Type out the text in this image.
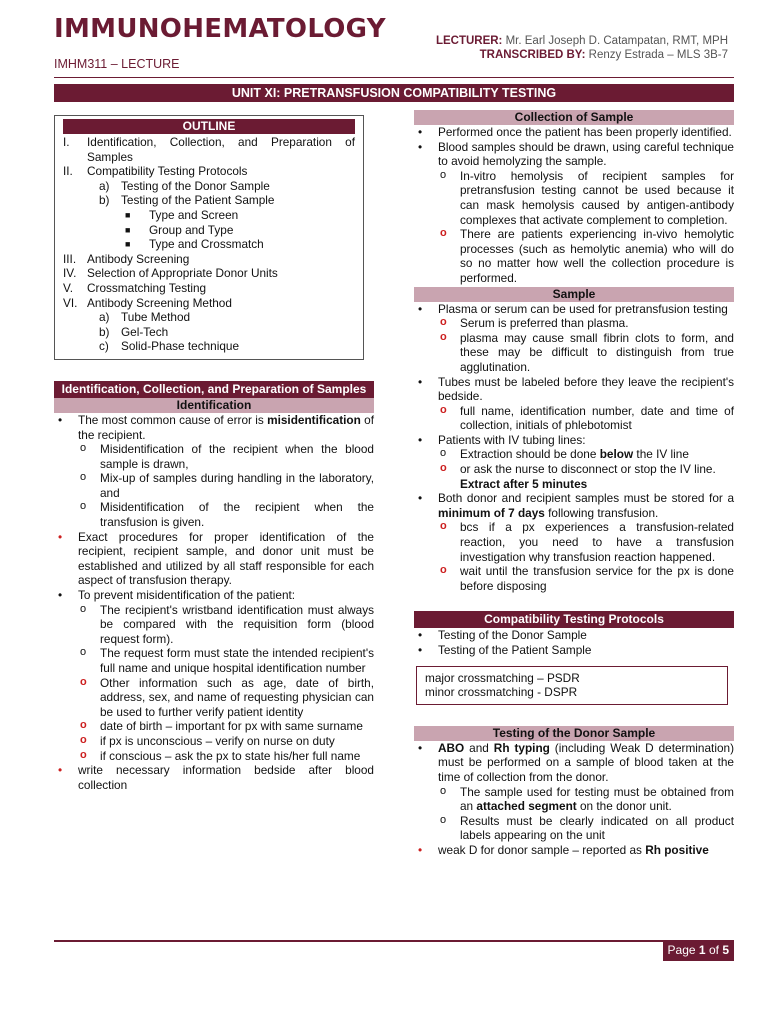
IMMUNOHEMATOLOGY
IMHM311 – LECTURE
LECTURER: Mr. Earl Joseph D. Catampatan, RMT, MPH
TRANSCRIBED BY: Renzy Estrada – MLS 3B-7
UNIT XI: PRETRANSFUSION COMPATIBILITY TESTING
OUTLINE
I.	Identification, Collection, and Preparation of Samples
II.	Compatibility Testing Protocols
a) Testing of the Donor Sample
b) Testing of the Patient Sample
■	Type and Screen
■	Group and Type
■	Type and Crossmatch
III. Antibody Screening
IV. Selection of Appropriate Donor Units
V.	Crossmatching Testing
VI. Antibody Screening Method
a) Tube Method
b) Gel-Tech
c)	Solid-Phase technique
Identification, Collection, and Preparation of Samples
Identification
• The most common cause of error is misidentification of the recipient.
o Misidentification of the recipient when the blood sample is drawn,
o Mix-up of samples during handling in the laboratory, and
o Misidentification of the recipient when the transfusion is given.
• Exact procedures for proper identification of the recipient, recipient sample, and donor unit must be established and utilized by all staff responsible for each aspect of transfusion therapy.
• To prevent misidentification of the patient:
o The recipient's wristband identification must always be compared with the requisition form (blood request form).
o The request form must state the intended recipient's full name and unique hospital identification number
o Other information such as age, date of birth, address, sex, and name of requesting physician can be used to further verify patient identity
o date of birth – important for px with same surname
o if px is unconscious – verify on nurse on duty
o if conscious – ask the px to state his/her full name
• write necessary information bedside after blood collection
Collection of Sample
• Performed once the patient has been properly identified.
• Blood samples should be drawn, using careful technique to avoid hemolyzing the sample.
o In-vitro hemolysis of recipient samples for pretransfusion testing cannot be used because it can mask hemolysis caused by antigen-antibody complexes that activate complement to completion.
o There are patients experiencing in-vivo hemolytic processes (such as hemolytic anemia) who will do so no matter how well the collection procedure is performed.
Sample
• Plasma or serum can be used for pretransfusion testing
o Serum is preferred than plasma.
o plasma may cause small fibrin clots to form, and these may be difficult to distinguish from true agglutination.
• Tubes must be labeled before they leave the recipient's bedside.
o full name, identification number, date and time of collection, initials of phlebotomist
• Patients with IV tubing lines:
o Extraction should be done below the IV line
o or ask the nurse to disconnect or stop the IV line.
Extract after 5 minutes
• Both donor and recipient samples must be stored for a minimum of 7 days following transfusion.
o bcs if a px experiences a transfusion-related reaction, you need to have a transfusion investigation why transfusion reaction happened.
o wait until the transfusion service for the px is done before disposing
Compatibility Testing Protocols
• Testing of the Donor Sample
• Testing of the Patient Sample
major crossmatching – PSDR
minor crossmatching - DSPR
Testing of the Donor Sample
• ABO and Rh typing (including Weak D determination) must be performed on a sample of blood taken at the time of collection from the donor.
o The sample used for testing must be obtained from an attached segment on the donor unit.
o Results must be clearly indicated on all product labels appearing on the unit
• weak D for donor sample – reported as Rh positive
Page 1 of 5
